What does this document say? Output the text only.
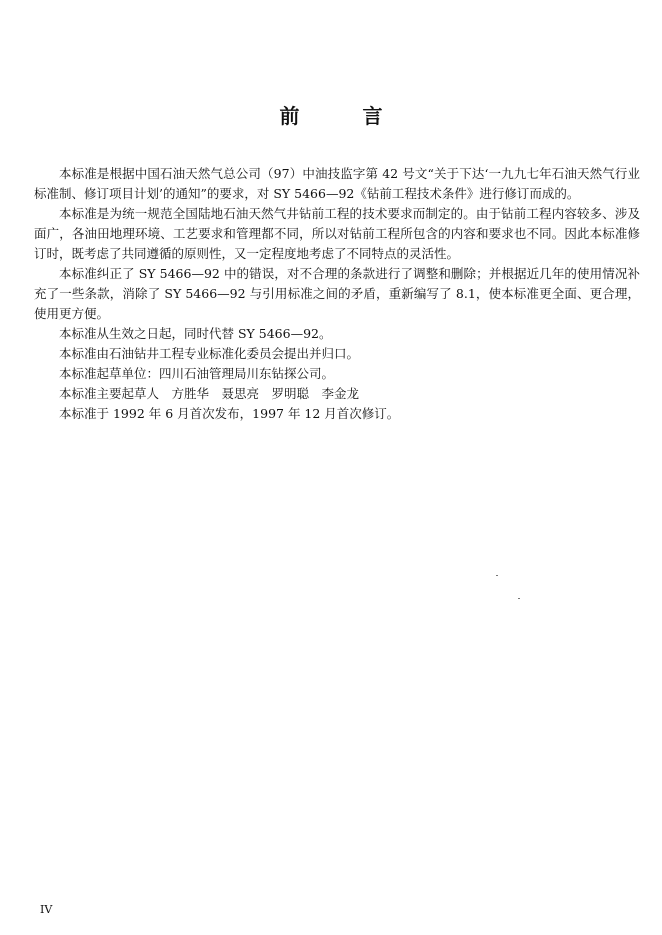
前 言

本标准是根据中国石油天然气总公司（97）中油技监字第 42 号文“关于下达‘一九九七年石油天然气行业标准制、修订项目计划’的通知”的要求，对 SY 5466—92《钻前工程技术条件》进行修订而成的。

本标准是为统一规范全国陆地石油天然气井钻前工程的技术要求而制定的。由于钻前工程内容较多、涉及面广，各油田地理环境、工艺要求和管理都不同，所以对钻前工程所包含的内容和要求也不同。因此本标准修订时，既考虑了共同遵循的原则性，又一定程度地考虑了不同特点的灵活性。

本标准纠正了 SY 5466—92 中的错误，对不合理的条款进行了调整和删除；并根据近几年的使用情况补充了一些条款，消除了 SY 5466—92 与引用标准之间的矛盾，重新编写了 8.1，使本标准更全面、更合理，使用更方便。

本标准从生效之日起，同时代替 SY 5466—92。

本标准由石油钻井工程专业标准化委员会提出并归口。

本标准起草单位：四川石油管理局川东钻探公司。

本标准主要起草人　方胜华　聂思亮　罗明聪　李金龙

本标准于 1992 年 6 月首次发布，1997 年 12 月首次修订。

IV
